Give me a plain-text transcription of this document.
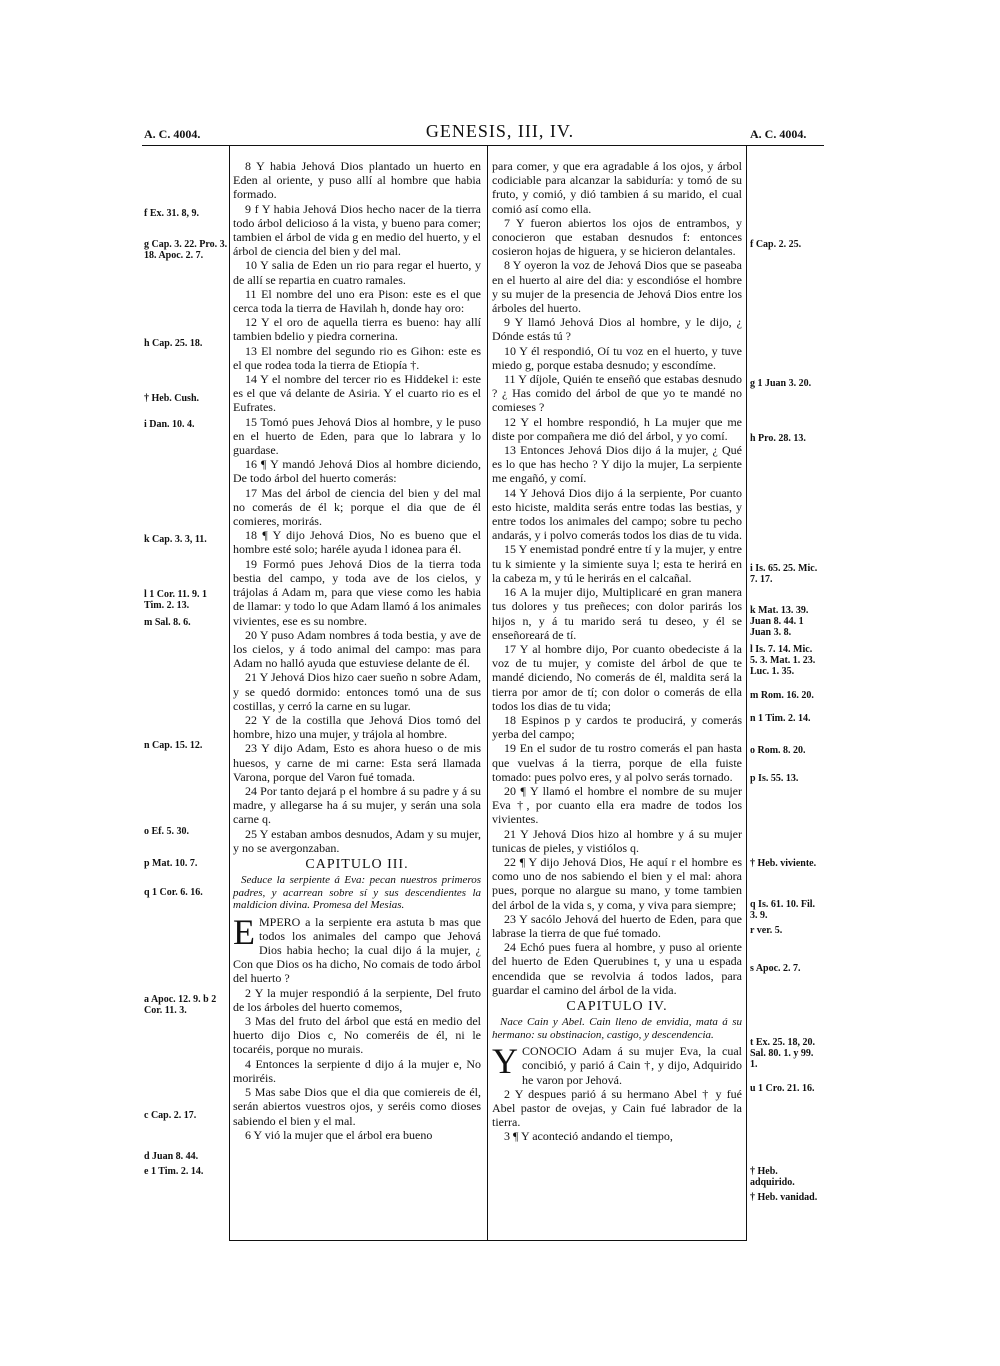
A. C. 4004.	GENESIS, III, IV.	A. C. 4004.
f Ex. 31. 8, 9.
g Cap. 3. 22. Pro. 3. 18. Apoc. 2. 7.
h Cap. 25. 18.
† Heb. Cush.
i Dan. 10. 4.
k Cap. 3. 3, 11.
l 1 Cor. 11. 9. 1 Tim. 2. 13.
m Sal. 8. 6.
n Cap. 15. 12.
o Ef. 5. 30.
p Mat. 10. 7.
q 1 Cor. 6. 16.
a Apoc. 12. 9. b 2 Cor. 11. 3.
c Cap. 2. 17.
d Juan 8. 44.
e 1 Tim. 2. 14.
f Cap. 2. 25.
g 1 Juan 3. 20.
h Pro. 28. 13.
i Is. 65. 25. Mic. 7. 17.
k Mat. 13. 39. Juan 8. 44. 1 Juan 3. 8.
l Is. 7. 14. Mic. 5. 3. Mat. 1. 23. Luc. 1. 35.
m Rom. 16. 20.
n 1 Tim. 2. 14.
o Rom. 8. 20.
p Is. 55. 13.
† Heb. viviente.
q Is. 61. 10. Fil. 3. 9.
r ver. 5.
s Apoc. 2. 7.
t Ex. 25. 18, 20. Sal. 80. 1. y 99. 1.
u 1 Cro. 21. 16.
† Heb. adquirido.
† Heb. vanidad.

8 Y habia Jehová Dios plantado un huerto en Eden al oriente, y puso allí al hombre que habia formado.

9 f Y habia Jehová Dios hecho nacer de la tierra todo árbol delicioso á la vista, y bueno para comer; tambien el árbol de vida g en medio del huerto, y el árbol de ciencia del bien y del mal.

10 Y salia de Eden un rio para regar el huerto, y de allí se repartia en cuatro ramales.

11 El nombre del uno era Pison: este es el que cerca toda la tierra de Havilah h, donde hay oro:

12 Y el oro de aquella tierra es bueno: hay allí tambien bdelio y piedra cornerina.

13 El nombre del segundo rio es Gihon: este es el que rodea toda la tierra de Etiopía †.

14 Y el nombre del tercer rio es Hiddekel i: este es el que vá delante de Asiria. Y el cuarto rio es el Eufrates.

15 Tomó pues Jehová Dios al hombre, y le puso en el huerto de Eden, para que lo labrara y lo guardase.

16 ¶ Y mandó Jehová Dios al hombre diciendo, De todo árbol del huerto comerás:

17 Mas del árbol de ciencia del bien y del mal no comerás de él k; porque el dia que de él comieres, morirás.

18 ¶ Y dijo Jehová Dios, No es bueno que el hombre esté solo; haréle ayuda l idonea para él.

19 Formó pues Jehová Dios de la tierra toda bestia del campo, y toda ave de los cielos, y trájolas á Adam m, para que viese como les habia de llamar: y todo lo que Adam llamó á los animales vivientes, ese es su nombre.

20 Y puso Adam nombres á toda bestia, y ave de los cielos, y á todo animal del campo: mas para Adam no halló ayuda que estuviese delante de él.

21 Y Jehová Dios hizo caer sueño n sobre Adam, y se quedó dormido: entonces tomó una de sus costillas, y cerró la carne en su lugar.

22 Y de la costilla que Jehová Dios tomó del hombre, hizo una mujer, y trájola al hombre.

23 Y dijo Adam, Esto es ahora hueso o de mis huesos, y carne de mi carne: Esta será llamada Varona, porque del Varon fué tomada.

24 Por tanto dejará p el hombre á su padre y á su madre, y allegarse ha á su mujer, y serán una sola carne q.

25 Y estaban ambos desnudos, Adam y su mujer, y no se avergonzaban.

CAPITULO III.

Seduce la serpiente á Eva: pecan nuestros primeros padres, y acarrean sobre sí y sus descendientes la maldicion divina. Promesa del Mesias.

EMPERO a la serpiente era astuta b mas que todos los animales del campo que Jehová Dios habia hecho; la cual dijo á la mujer, ¿ Con que Dios os ha dicho, No comais de todo árbol del huerto ?

2 Y la mujer respondió á la serpiente, Del fruto de los árboles del huerto comemos,

3 Mas del fruto del árbol que está en medio del huerto dijo Dios c, No comeréis de él, ni le tocaréis, porque no murais.

4 Entonces la serpiente d dijo á la mujer e, No moriréis.

5 Mas sabe Dios que el dia que comiereis de él, serán abiertos vuestros ojos, y seréis como dioses sabiendo el bien y el mal.

6 Y vió la mujer que el árbol era bueno

para comer, y que era agradable á los ojos, y árbol codiciable para alcanzar la sabiduría: y tomó de su fruto, y comió, y dió tambien á su marido, el cual comió así como ella.

7 Y fueron abiertos los ojos de entrambos, y conocieron que estaban desnudos f: entonces cosieron hojas de higuera, y se hicieron delantales.

8 Y oyeron la voz de Jehová Dios que se paseaba en el huerto al aire del dia: y escondióse el hombre y su mujer de la presencia de Jehová Dios entre los árboles del huerto.

9 Y llamó Jehová Dios al hombre, y le dijo, ¿ Dónde estás tú ?

10 Y él respondió, Oí tu voz en el huerto, y tuve miedo g, porque estaba desnudo; y escondíme.

11 Y díjole, Quién te enseñó que estabas desnudo ? ¿ Has comido del árbol de que yo te mandé no comieses ?

12 Y el hombre respondió, h La mujer que me diste por compañera me dió del árbol, y yo comí.

13 Entonces Jehová Dios dijo á la mujer, ¿ Qué es lo que has hecho ? Y dijo la mujer, La serpiente me engañó, y comí.

14 Y Jehová Dios dijo á la serpiente, Por cuanto esto hiciste, maldita serás entre todas las bestias, y entre todos los animales del campo; sobre tu pecho andarás, y i polvo comerás todos los dias de tu vida.

15 Y enemistad pondré entre tí y la mujer, y entre tu k simiente y la simiente suya l; esta te herirá en la cabeza m, y tú le herirás en el calcañal.

16 A la mujer dijo, Multiplicaré en gran manera tus dolores y tus preñeces; con dolor parirás los hijos n, y á tu marido será tu deseo, y él se enseñoreará de tí.

17 Y al hombre dijo, Por cuanto obedeciste á la voz de tu mujer, y comiste del árbol de que te mandé diciendo, No comerás de él, maldita será la tierra por amor de tí; con dolor o comerás de ella todos los dias de tu vida;

18 Espinos p y cardos te producirá, y comerás yerba del campo;

19 En el sudor de tu rostro comerás el pan hasta que vuelvas á la tierra, porque de ella fuiste tomado: pues polvo eres, y al polvo serás tornado.

20 ¶ Y llamó el hombre el nombre de su mujer Eva †, por cuanto ella era madre de todos los vivientes.

21 Y Jehová Dios hizo al hombre y á su mujer tunicas de pieles, y vistiólos q.

22 ¶ Y dijo Jehová Dios, He aquí r el hombre es como uno de nos sabiendo el bien y el mal: ahora pues, porque no alargue su mano, y tome tambien del árbol de la vida s, y coma, y viva para siempre;

23 Y sacólo Jehová del huerto de Eden, para que labrase la tierra de que fué tomado.

24 Echó pues fuera al hombre, y puso al oriente del huerto de Eden Querubines t, y una u espada encendida que se revolvia á todos lados, para guardar el camino del árbol de la vida.

CAPITULO IV.

Nace Cain y Abel. Cain lleno de envidia, mata á su hermano: su obstinacion, castigo, y descendencia.

YCONOCIO Adam á su mujer Eva, la cual concibió, y parió á Cain †, y dijo, Adquirido he varon por Jehová.

2 Y despues parió á su hermano Abel † y fué Abel pastor de ovejas, y Cain fué labrador de la tierra.

3 ¶ Y aconteció andando el tiempo,
